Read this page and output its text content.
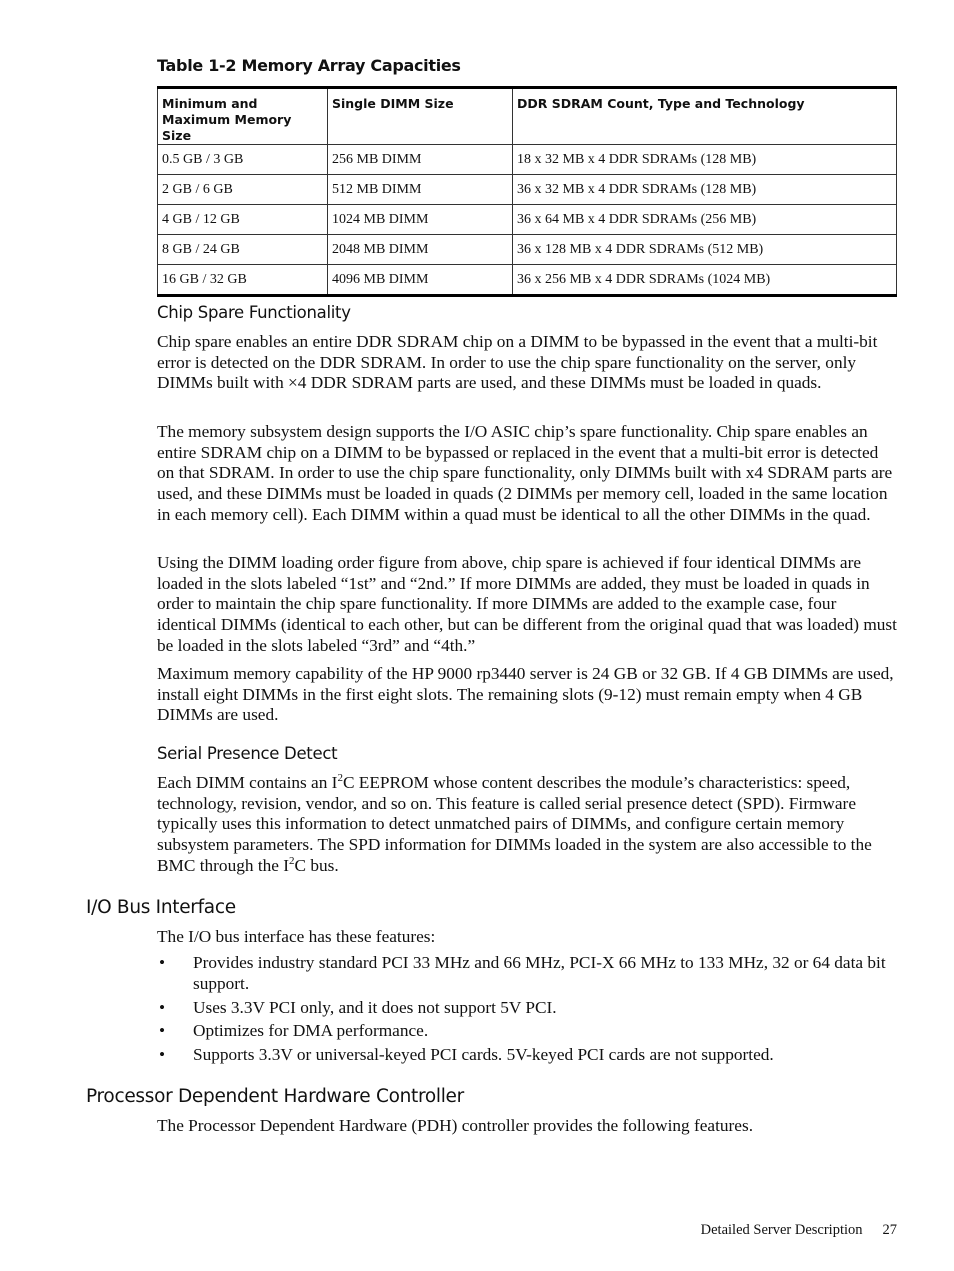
Table 1-2 Memory Array Capacities
Minimum and Maximum Memory Size	Single DIMM Size	DDR SDRAM Count, Type and Technology
0.5 GB / 3 GB	256 MB DIMM	18 x 32 MB x 4 DDR SDRAMs (128 MB)
2 GB / 6 GB	512 MB DIMM	36 x 32 MB x 4 DDR SDRAMs (128 MB)
4 GB / 12 GB	1024 MB DIMM	36 x 64 MB x 4 DDR SDRAMs (256 MB)
8 GB / 24 GB	2048 MB DIMM	36 x 128 MB x 4 DDR SDRAMs (512 MB)
16 GB / 32 GB	4096 MB DIMM	36 x 256 MB x 4 DDR SDRAMs (1024 MB)
Chip Spare Functionality

Chip spare enables an entire DDR SDRAM chip on a DIMM to be bypassed in the event that a multi-bit error is detected on the DDR SDRAM. In order to use the chip spare functionality on the server, only DIMMs built with ×4 DDR SDRAM parts are used, and these DIMMs must be loaded in quads.

The memory subsystem design supports the I/O ASIC chip’s spare functionality. Chip spare enables an entire SDRAM chip on a DIMM to be bypassed or replaced in the event that a multi-bit error is detected on that SDRAM. In order to use the chip spare functionality, only DIMMs built with x4 SDRAM parts are used, and these DIMMs must be loaded in quads (2 DIMMs per memory cell, loaded in the same location in each memory cell). Each DIMM within a quad must be identical to all the other DIMMs in the quad.

Using the DIMM loading order figure from above, chip spare is achieved if four identical DIMMs are loaded in the slots labeled “1st” and “2nd.” If more DIMMs are added, they must be loaded in quads in order to maintain the chip spare functionality. If more DIMMs are added to the example case, four identical DIMMs (identical to each other, but can be different from the original quad that was loaded) must be loaded in the slots labeled “3rd” and “4th.”

Maximum memory capability of the HP 9000 rp3440 server is 24 GB or 32 GB. If 4 GB DIMMs are used, install eight DIMMs in the first eight slots. The remaining slots (9-12) must remain empty when 4 GB DIMMs are used.

Serial Presence Detect

Each DIMM contains an $I^2C$ EEPROM whose content describes the module’s characteristics: speed, technology, revision, vendor, and so on. This feature is called serial presence detect (SPD). Firmware typically uses this information to detect unmatched pairs of DIMMs, and configure certain memory subsystem parameters. The SPD information for DIMMs loaded in the system are also accessible to the BMC through the $I^2C$ bus.

I/O Bus Interface

The I/O bus interface has these features:

• Provides industry standard PCI 33 MHz and 66 MHz, PCI-X 66 MHz to 133 MHz, 32 or 64 data bit support.
• Uses 3.3V PCI only, and it does not support 5V PCI.
• Optimizes for DMA performance.
• Supports 3.3V or universal-keyed PCI cards. 5V-keyed PCI cards are not supported.
Processor Dependent Hardware Controller

The Processor Dependent Hardware (PDH) controller provides the following features.

Detailed Server Description 27
